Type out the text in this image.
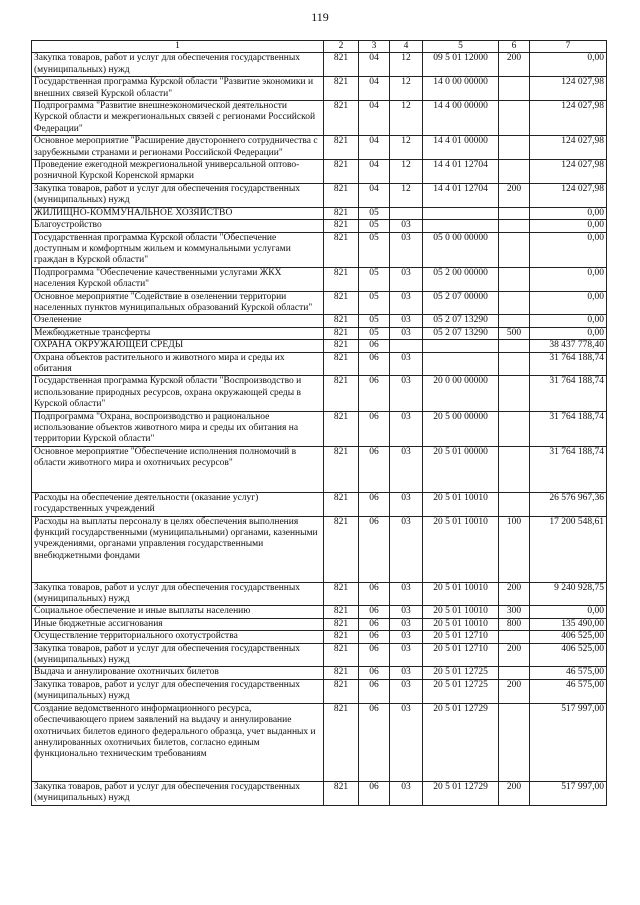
119
1	2	3	4	5	6	7
Закупка товаров, работ и услуг для обеспечения государственных (муниципальных) нужд	821	04	12	09 5 01 12000	200	0,00
Государственная программа Курской области "Развитие экономики и внешних связей Курской области"	821	04	12	14 0 00 00000		124 027,98
Подпрограмма "Развитие внешнеэкономической деятельности Курской области и межрегиональных связей с регионами Российской Федерации"	821	04	12	14 4 00 00000		124 027,98
Основное мероприятие "Расширение двустороннего сотрудничества с зарубежными странами и регионами Российской Федерации"	821	04	12	14 4 01 00000		124 027,98
Проведение ежегодной межрегиональной универсальной оптово-розничной Курской Коренской ярмарки	821	04	12	14 4 01 12704		124 027,98
Закупка товаров, работ и услуг для обеспечения государственных (муниципальных) нужд	821	04	12	14 4 01 12704	200	124 027,98
ЖИЛИЩНО-КОММУНАЛЬНОЕ ХОЗЯЙСТВО	821	05				0,00
Благоустройство	821	05	03			0,00
Государственная программа Курской области "Обеспечение доступным и комфортным жильем и коммунальными услугами граждан в Курской области"	821	05	03	05 0 00 00000		0,00
Подпрограмма "Обеспечение качественными услугами ЖКХ населения Курской области"	821	05	03	05 2 00 00000		0,00
Основное мероприятие "Содействие в озеленении территории населенных пунктов муниципальных образований Курской области"	821	05	03	05 2 07 00000		0,00
Озеленение	821	05	03	05 2 07 13290		0,00
Межбюджетные трансферты	821	05	03	05 2 07 13290	500	0,00
ОХРАНА ОКРУЖАЮЩЕЙ СРЕДЫ	821	06				38 437 778,40
Охрана объектов растительного и животного мира и среды их обитания	821	06	03			31 764 188,74
Государственная программа Курской области "Воспроизводство и использование природных ресурсов, охрана окружающей среды в Курской области"	821	06	03	20 0 00 00000		31 764 188,74
Подпрограмма "Охрана, воспроизводство и рациональное использование объектов животного мира и среды их обитания на территории Курской области"	821	06	03	20 5 00 00000		31 764 188,74
Основное мероприятие "Обеспечение исполнения полномочий в области животного мира и охотничьих ресурсов"	821	06	03	20 5 01 00000		31 764 188,74
Расходы на обеспечение деятельности (оказание услуг) государственных учреждений	821	06	03	20 5 01 10010		26 576 967,36
Расходы на выплаты персоналу в целях обеспечения выполнения функций государственными (муниципальными) органами, казенными учреждениями, органами управления государственными внебюджетными фондами	821	06	03	20 5 01 10010	100	17 200 548,61
Закупка товаров, работ и услуг для обеспечения государственных (муниципальных) нужд	821	06	03	20 5 01 10010	200	9 240 928,75
Социальное обеспечение и иные выплаты населению	821	06	03	20 5 01 10010	300	0,00
Иные бюджетные ассигнования	821	06	03	20 5 01 10010	800	135 490,00
Осуществление территориального охотустройства	821	06	03	20 5 01 12710		406 525,00
Закупка товаров, работ и услуг для обеспечения государственных (муниципальных) нужд	821	06	03	20 5 01 12710	200	406 525,00
Выдача и аннулирование охотничьих билетов	821	06	03	20 5 01 12725		46 575,00
Закупка товаров, работ и услуг для обеспечения государственных (муниципальных) нужд	821	06	03	20 5 01 12725	200	46 575,00
Создание ведомственного информационного ресурса, обеспечивающего прием заявлений на выдачу и аннулирование охотничьих билетов единого федерального образца, учет выданных и аннулированных охотничьих билетов, согласно единым функционально техническим требованиям	821	06	03	20 5 01 12729		517 997,00
Закупка товаров, работ и услуг для обеспечения государственных (муниципальных) нужд	821	06	03	20 5 01 12729	200	517 997,00
